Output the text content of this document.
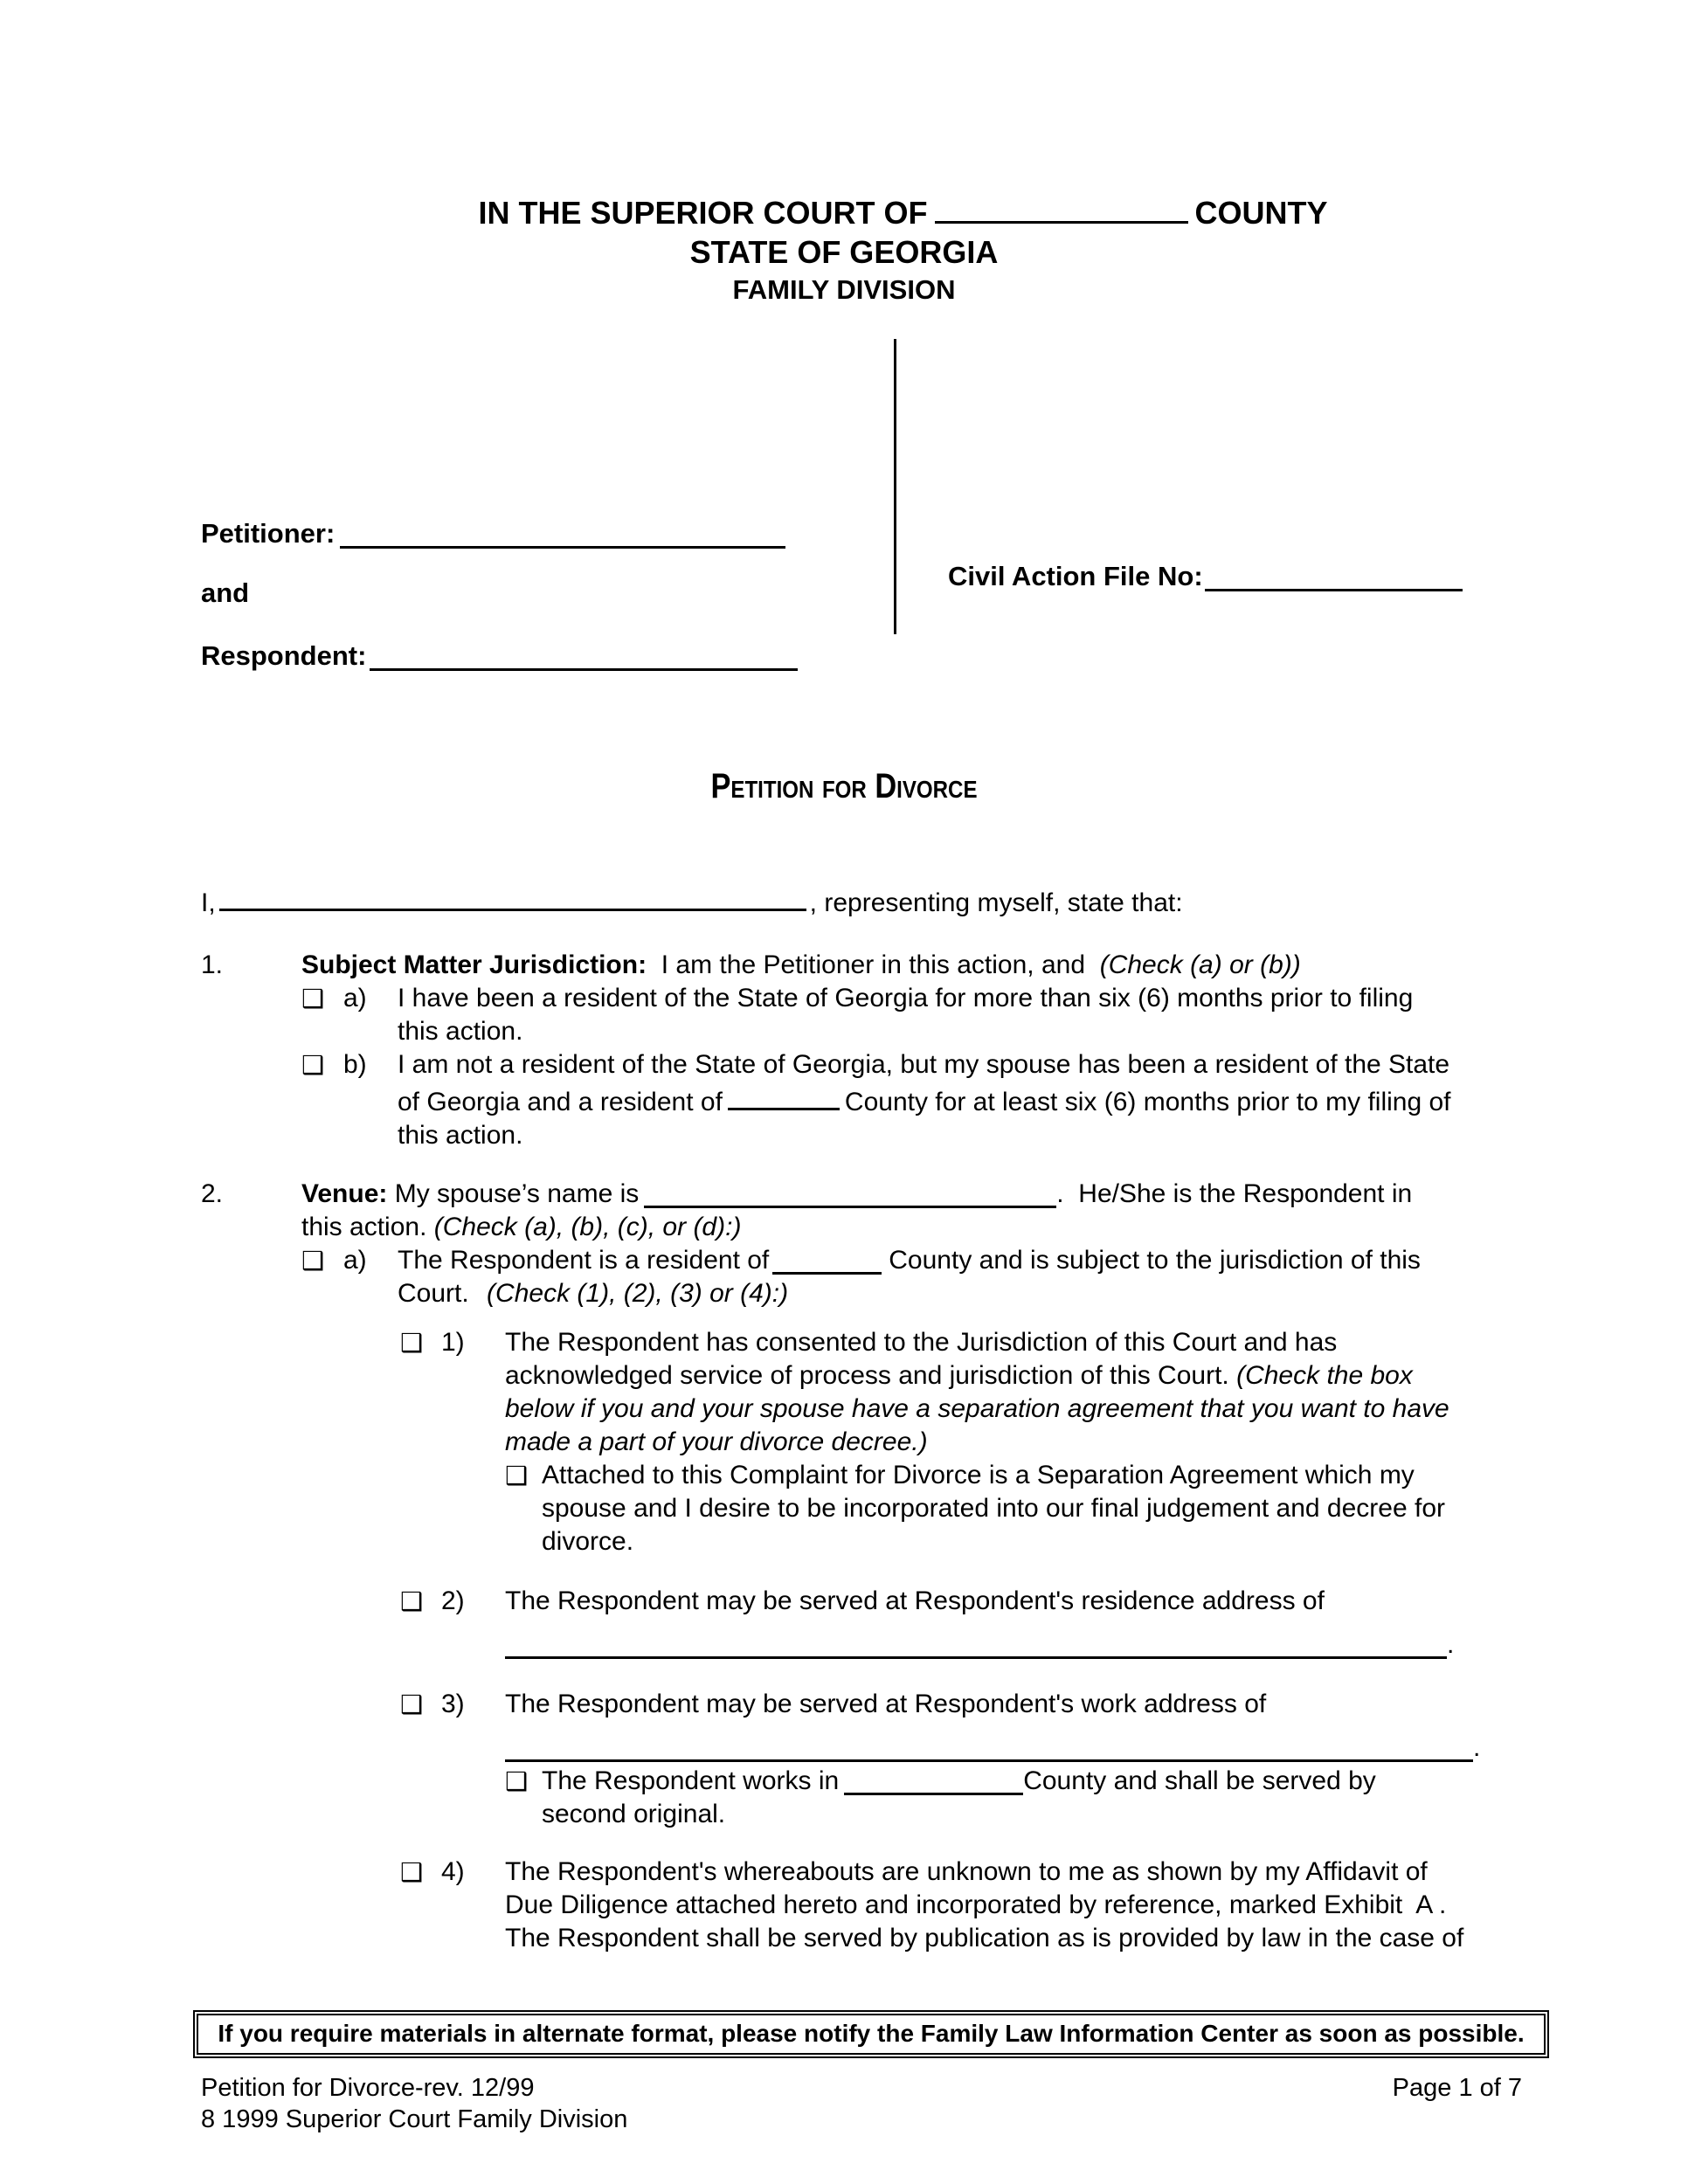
IN THE SUPERIOR COURT OF	COUNTY
STATE OF GEORGIA
FAMILY DIVISION
Petitioner:
and
Respondent:
Civil Action File No:
Petition for Divorce
I,	, representing myself, state that:
1.	Subject Matter Jurisdiction:  I am the Petitioner in this action, and  (Check (a) or (b))
❑ a)	I have been a resident of the State of Georgia for more than six (6) months prior to filing
this action.
❑ b)	I am not a resident of the State of Georgia, but my spouse has been a resident of the State
of Georgia and a resident of	County for at least six (6) months prior to my filing of
this action.
2.	Venue: My spouse’s name is	.  He/She is the Respondent in
this action. (Check (a), (b), (c), or (d):)
❑ a)	The Respondent is a resident of	County and is subject to the jurisdiction of this
Court. (Check (1), (2), (3) or (4):)
❑ 1)	The Respondent has consented to the Jurisdiction of this Court and has
acknowledged service of process and jurisdiction of this Court. (Check the box
below if you and your spouse have a separation agreement that you want to have
made a part of your divorce decree.)
❑ Attached to this Complaint for Divorce is a Separation Agreement which my
spouse and I desire to be incorporated into our final judgement and decree for
divorce.
❑ 2)	The Respondent may be served at Respondent's residence address of
.
❑ 3)	The Respondent may be served at Respondent's work address of
.
❑ The Respondent works in	County and shall be served by
second original.
❑ 4)	The Respondent's whereabouts are unknown to me as shown by my Affidavit of
Due Diligence attached hereto and incorporated by reference, marked Exhibit  A .
The Respondent shall be served by publication as is provided by law in the case of
If you require materials in alternate format, please notify the Family Law Information Center as soon as possible.
Petition for Divorce-rev. 12/99
8 1999 Superior Court Family Division
Page 1 of 7
